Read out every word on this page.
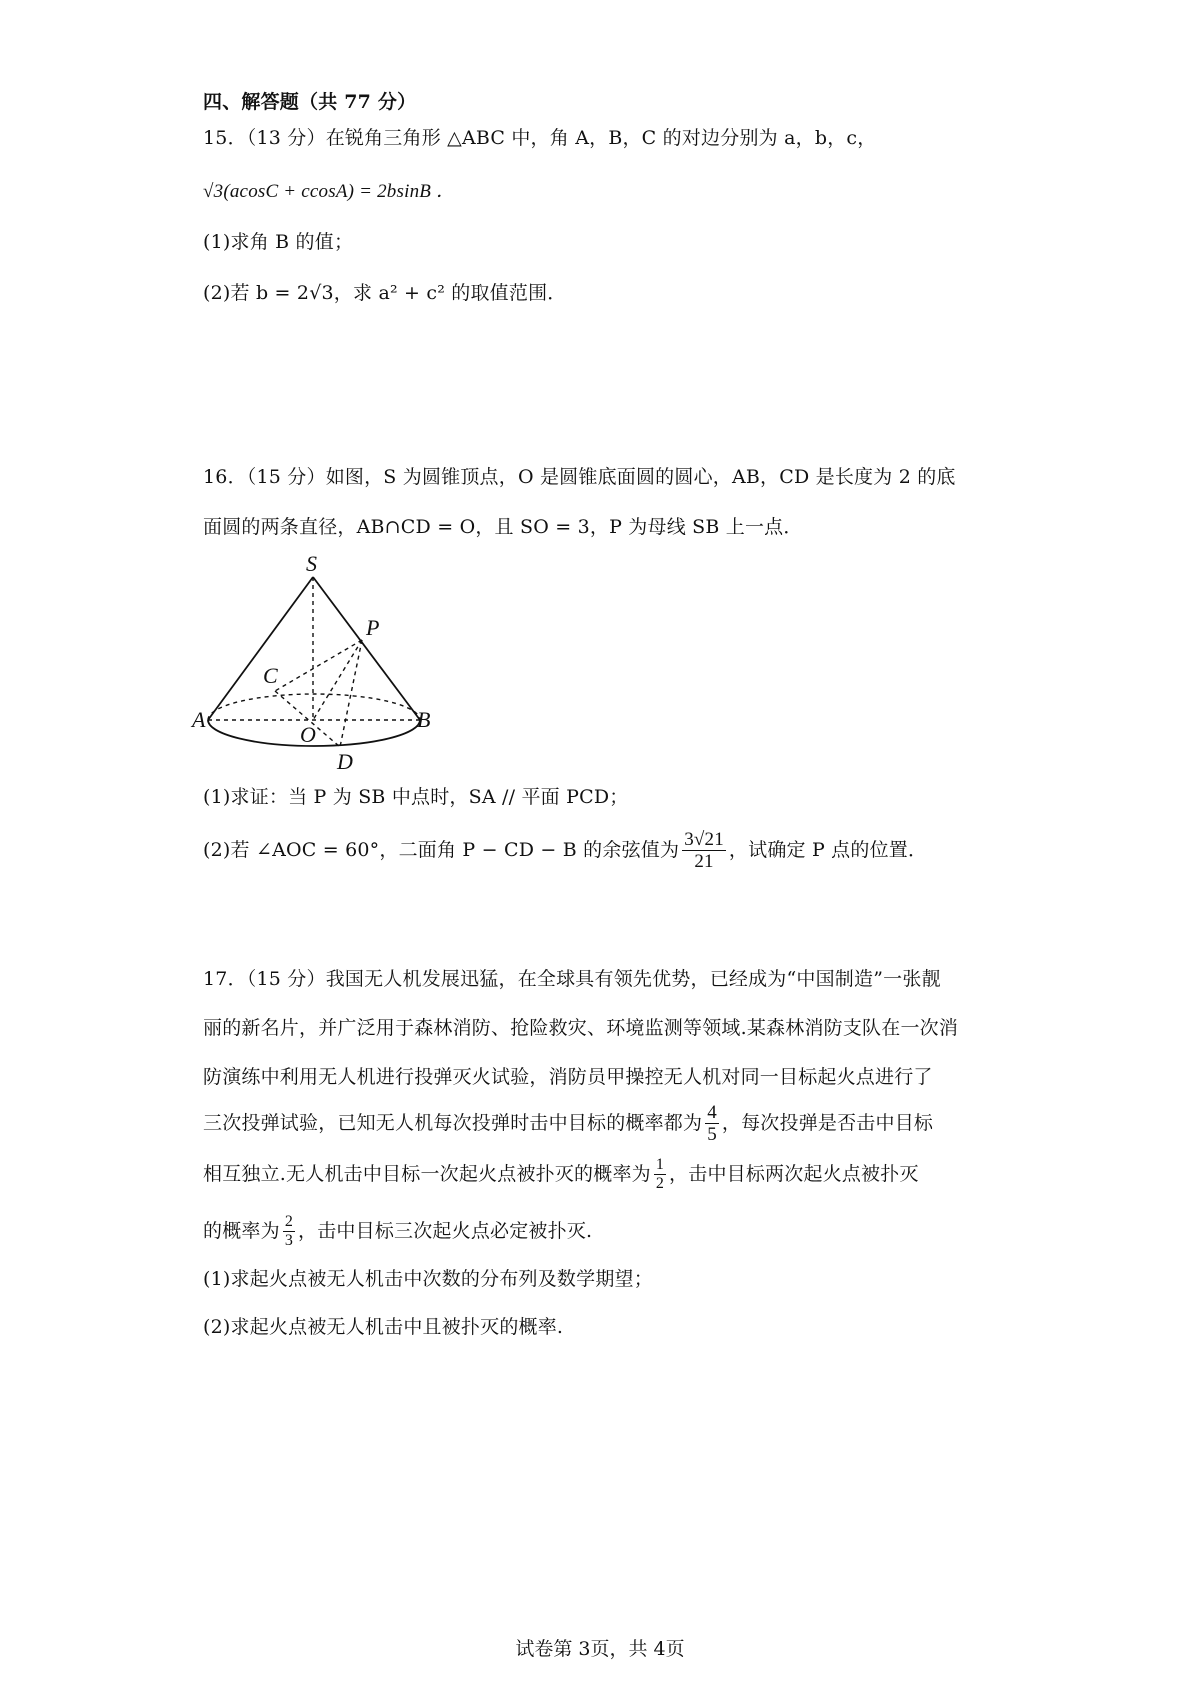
四、解答题（共 77 分）
15．（13 分）在锐角三角形 △ABC 中，角 A，B，C 的对边分别为 a，b，c，
√3(acosC + ccosA) = 2bsinB ．
(1)求角 B 的值；
(2)若 b = 2√3，求 a² + c² 的取值范围．
16．（15 分）如图，S 为圆锥顶点，O 是圆锥底面圆的圆心，AB，CD 是长度为 2 的底
面圆的两条直径，AB∩CD = O，且 SO = 3，P 为母线 SB 上一点．
S
P
C
A	B
O
D
(1)求证：当 P 为 SB 中点时，SA // 平面 PCD；
(2)若 ∠AOC = 60°，二面角 P − CD − B 的余弦值为 $\frac{3√21}{21}$ ，试确定 P 点的位置．
17．（15 分）我国无人机发展迅猛，在全球具有领先优势，已经成为“中国制造”一张靓
丽的新名片，并广泛用于森林消防、抢险救灾、环境监测等领域.某森林消防支队在一次消
防演练中利用无人机进行投弹灭火试验，消防员甲操控无人机对同一目标起火点进行了
三次投弹试验，已知无人机每次投弹时击中目标的概率都为 $\frac{4}{5}$ ，每次投弹是否击中目标
相互独立.无人机击中目标一次起火点被扑灭的概率为 $\frac{1}{2}$ ，击中目标两次起火点被扑灭
的概率为 $\frac{2}{3}$ ，击中目标三次起火点必定被扑灭.
(1)求起火点被无人机击中次数的分布列及数学期望；
(2)求起火点被无人机击中且被扑灭的概率.
试卷第 3页，共 4页
